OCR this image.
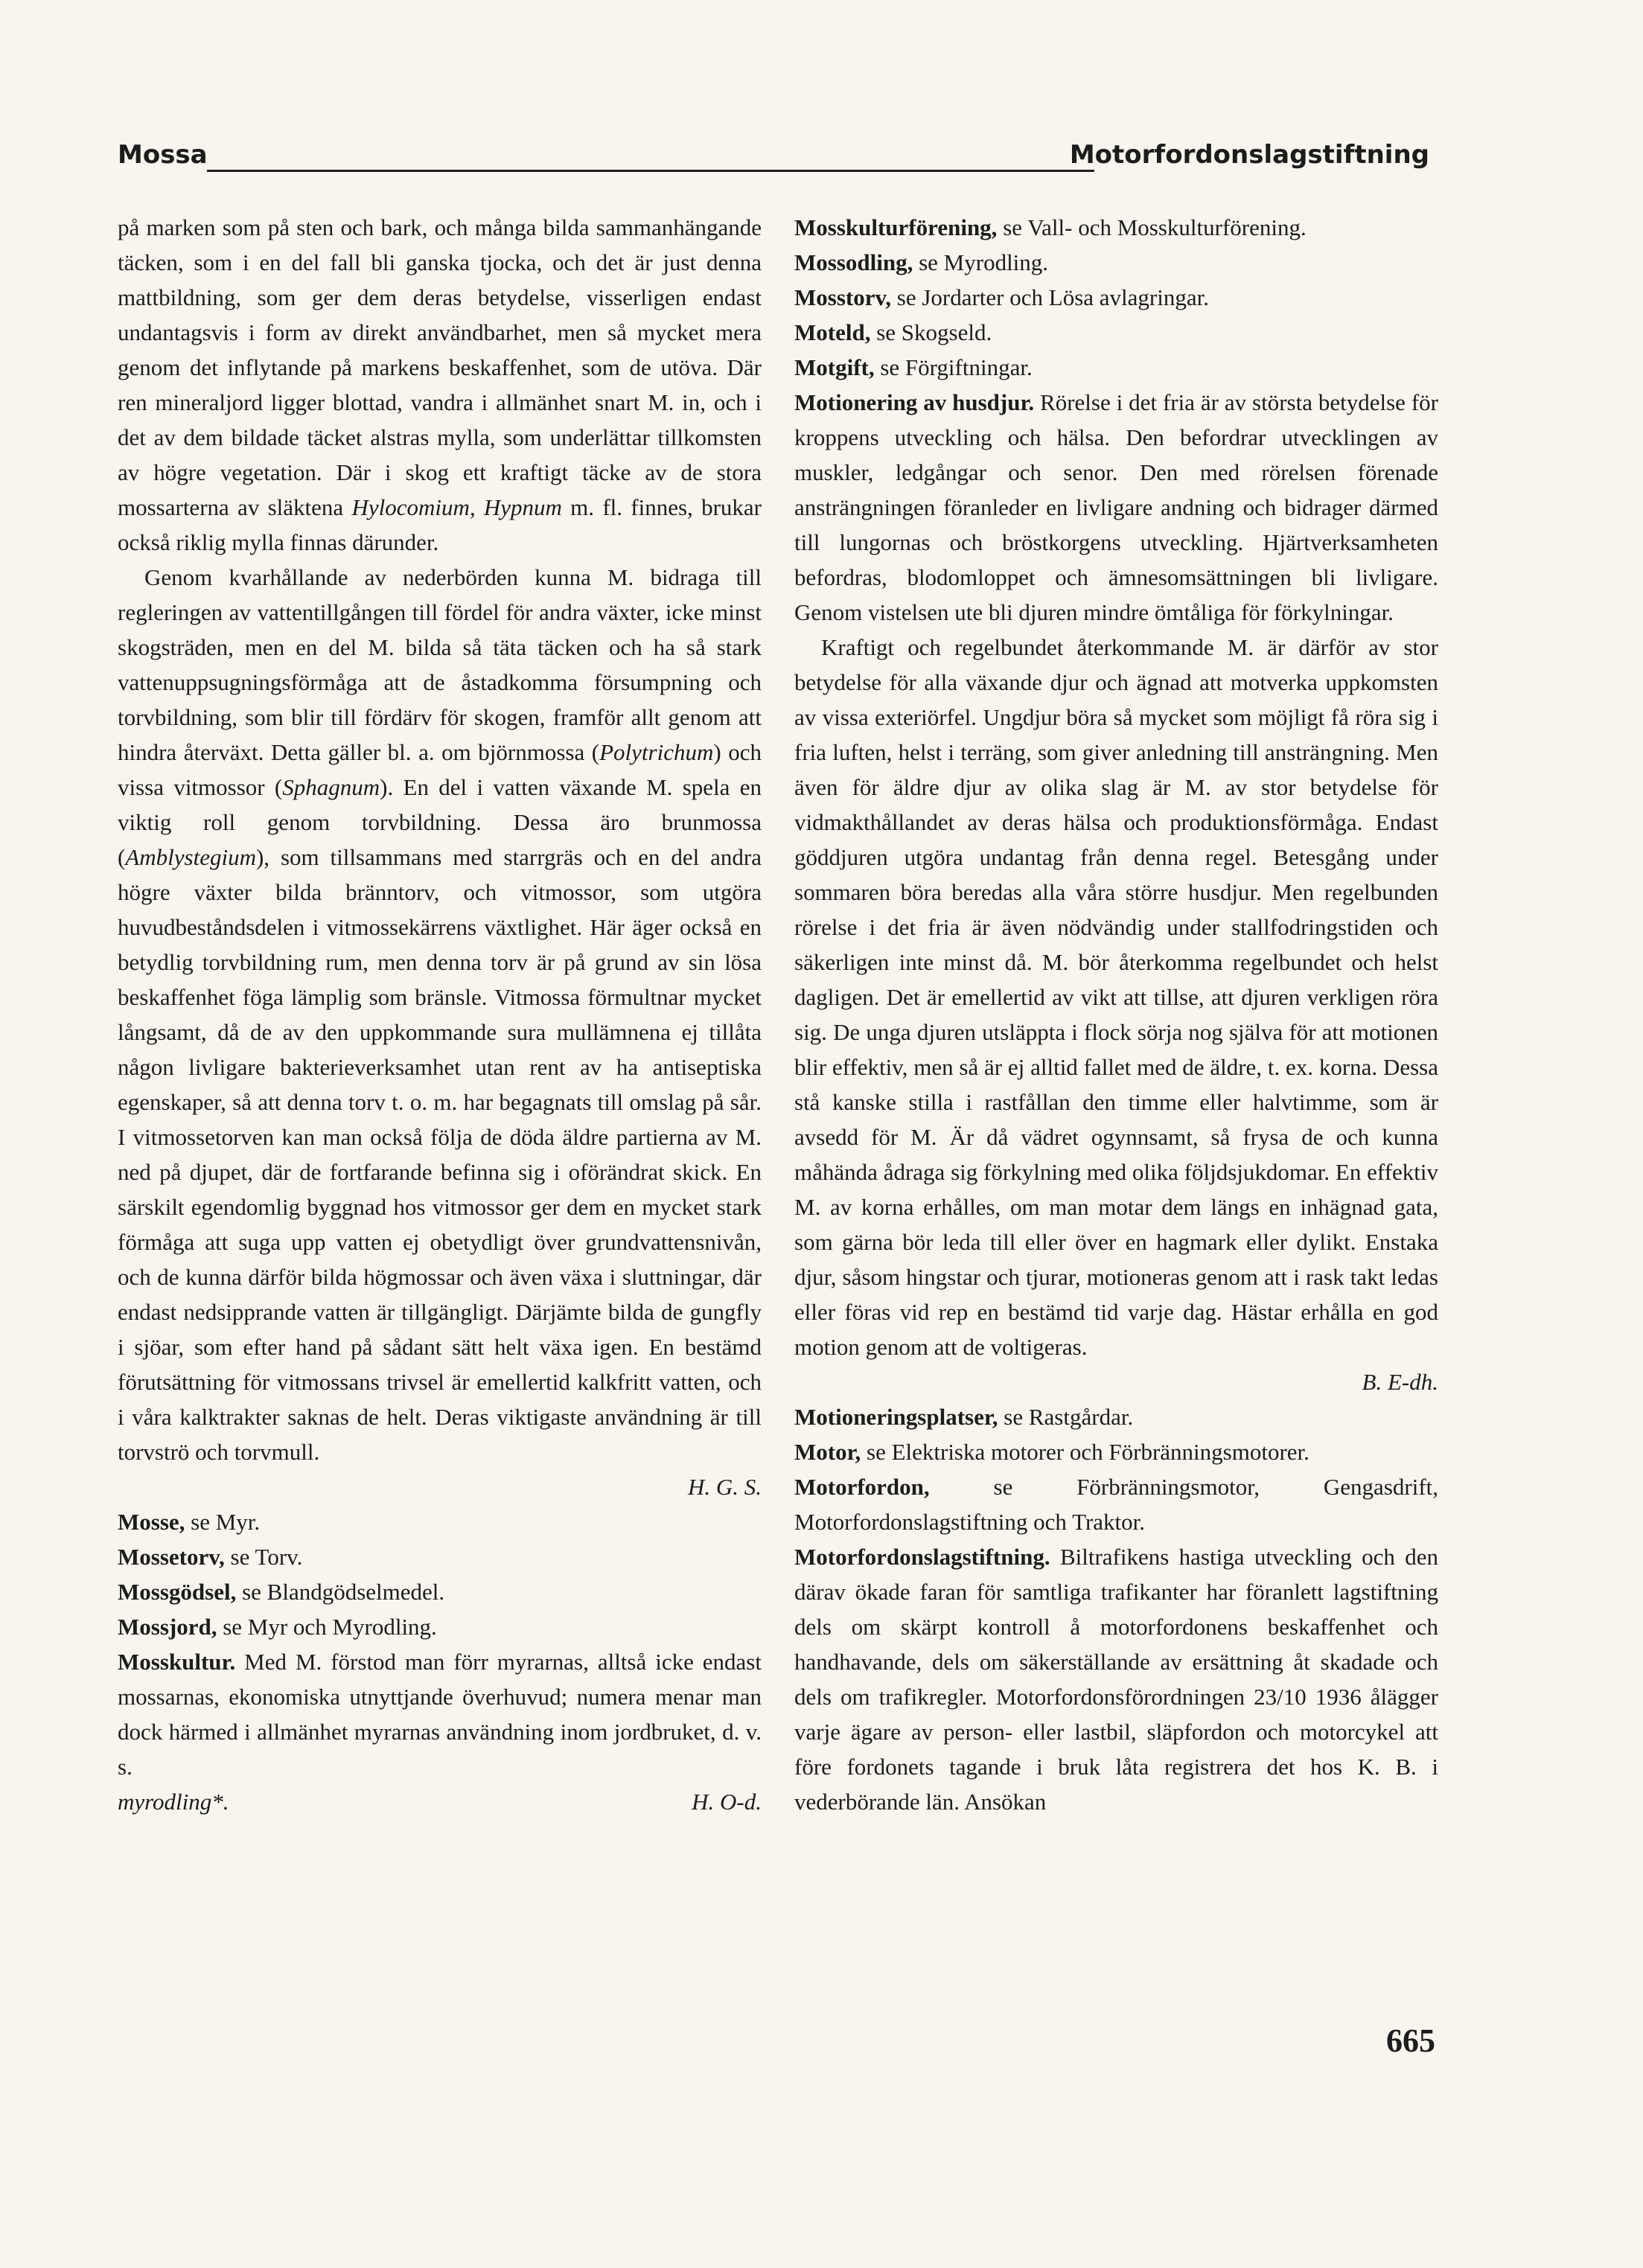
Mossa	Motorfordonslagstiftning

på marken som på sten och bark, och många bilda sammanhängande täcken, som i en del fall bli ganska tjocka, och det är just denna mattbildning, som ger dem deras betydelse, visserligen endast undantagsvis i form av direkt användbarhet, men så mycket mera genom det inflytande på markens beskaffenhet, som de utöva. Där ren mineraljord ligger blottad, vandra i allmänhet snart M. in, och i det av dem bildade täcket alstras mylla, som underlättar tillkomsten av högre vegetation. Där i skog ett kraftigt täcke av de stora mossarterna av släktena Hylocomium, Hypnum m. fl. finnes, brukar också riklig mylla finnas därunder.

Genom kvarhållande av nederbörden kunna M. bidraga till regleringen av vattentillgången till fördel för andra växter, icke minst skogsträden, men en del M. bilda så täta täcken och ha så stark vattenuppsugningsförmåga att de åstadkomma försumpning och torvbildning, som blir till fördärv för skogen, framför allt genom att hindra återväxt. Detta gäller bl. a. om björnmossa (Polytrichum) och vissa vitmossor (Sphagnum). En del i vatten växande M. spela en viktig roll genom torvbildning. Dessa äro brunmossa (Amblystegium), som tillsammans med starrgräs och en del andra högre växter bilda bränntorv, och vitmossor, som utgöra huvudbeståndsdelen i vitmossekärrens växtlighet. Här äger också en betydlig torvbildning rum, men denna torv är på grund av sin lösa beskaffenhet föga lämplig som bränsle. Vitmossa förmultnar mycket långsamt, då de av den uppkommande sura mullämnena ej tillåta någon livligare bakterieverksamhet utan rent av ha antiseptiska egenskaper, så att denna torv t. o. m. har begagnats till omslag på sår. I vitmossetorven kan man också följa de döda äldre partierna av M. ned på djupet, där de fortfarande befinna sig i oförändrat skick. En särskilt egendomlig byggnad hos vitmossor ger dem en mycket stark förmåga att suga upp vatten ej obetydligt över grundvattensnivån, och de kunna därför bilda högmossar och även växa i sluttningar, där endast nedsipprande vatten är tillgängligt. Därjämte bilda de gungfly i sjöar, som efter hand på sådant sätt helt växa igen. En bestämd förutsättning för vitmossans trivsel är emellertid kalkfritt vatten, och i våra kalktrakter saknas de helt. Deras viktigaste användning är till torvströ och torvmull.

H. G. S.

Mosse, se Myr.

Mossetorv, se Torv.

Mossgödsel, se Blandgödselmedel.

Mossjord, se Myr och Myrodling.

Mosskultur. Med M. förstod man förr myrarnas, alltså icke endast mossarnas, ekonomiska utnyttjande överhuvud; numera menar man dock härmed i allmänhet myrarnas användning inom jordbruket, d. v. s.

myrodling*.	H. O-d.

Mosskulturförening, se Vall- och Mosskulturförening.

Mossodling, se Myrodling.

Mosstorv, se Jordarter och Lösa avlagringar.

Moteld, se Skogseld.

Motgift, se Förgiftningar.

Motionering av husdjur. Rörelse i det fria är av största betydelse för kroppens utveckling och hälsa. Den befordrar utvecklingen av muskler, ledgångar och senor. Den med rörelsen förenade ansträngningen föranleder en livligare andning och bidrager därmed till lungornas och bröstkorgens utveckling. Hjärtverksamheten befordras, blodomloppet och ämnesomsättningen bli livligare. Genom vistelsen ute bli djuren mindre ömtåliga för förkylningar.

Kraftigt och regelbundet återkommande M. är därför av stor betydelse för alla växande djur och ägnad att motverka uppkomsten av vissa exteriörfel. Ungdjur böra så mycket som möjligt få röra sig i fria luften, helst i terräng, som giver anledning till ansträngning. Men även för äldre djur av olika slag är M. av stor betydelse för vidmakthållandet av deras hälsa och produktionsförmåga. Endast göddjuren utgöra undantag från denna regel. Betesgång under sommaren böra beredas alla våra större husdjur. Men regelbunden rörelse i det fria är även nödvändig under stallfodringstiden och säkerligen inte minst då. M. bör återkomma regelbundet och helst dagligen. Det är emellertid av vikt att tillse, att djuren verkligen röra sig. De unga djuren utsläppta i flock sörja nog själva för att motionen blir effektiv, men så är ej alltid fallet med de äldre, t. ex. korna. Dessa stå kanske stilla i rastfållan den timme eller halvtimme, som är avsedd för M. Är då vädret ogynnsamt, så frysa de och kunna måhända ådraga sig förkylning med olika följdsjukdomar. En effektiv M. av korna erhålles, om man motar dem längs en inhägnad gata, som gärna bör leda till eller över en hagmark eller dylikt. Enstaka djur, såsom hingstar och tjurar, motioneras genom att i rask takt ledas eller föras vid rep en bestämd tid varje dag. Hästar erhålla en god motion genom att de voltigeras.

B. E-dh.

Motioneringsplatser, se Rastgårdar.

Motor, se Elektriska motorer och Förbränningsmotorer.

Motorfordon, se Förbränningsmotor, Gengasdrift, Motorfordonslagstiftning och Traktor.

Motorfordonslagstiftning. Biltrafikens hastiga utveckling och den därav ökade faran för samtliga trafikanter har föranlett lagstiftning dels om skärpt kontroll å motorfordonens beskaffenhet och handhavande, dels om säkerställande av ersättning åt skadade och dels om trafikregler. Motorfordonsförordningen 23/10 1936 ålägger varje ägare av person- eller lastbil, släpfordon och motorcykel att före fordonets tagande i bruk låta registrera det hos K. B. i vederbörande län. Ansökan

665
